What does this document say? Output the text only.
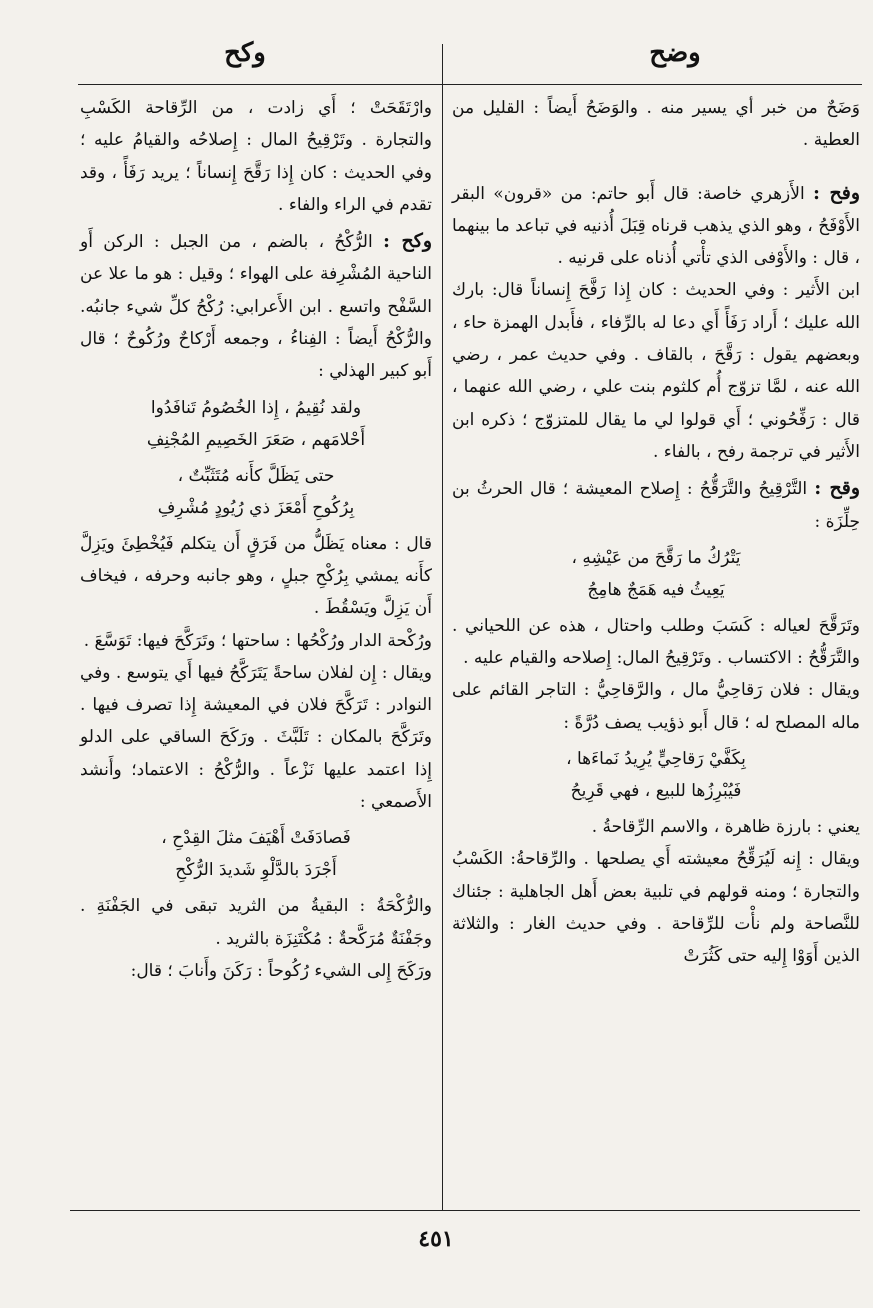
وضح
وكح

وَضَحٌ من خبر أي يسير منه . والوَضَحُ أَيضاً : القليل من العطية .

وفح : الأَزهري خاصة: قال أَبو حاتم: من «قرون» البقر الأَوْفَحُ ، وهو الذي يذهب قرناه قِبَلَ أُذنيه في تباعد ما بينهما ، قال : والأَوْفى الذي تأْتي أُذناه على قرنيه .

ابن الأَثير : وفي الحديث : كان إِذا رَفَّحَ إِنساناً قال: بارك الله عليك ؛ أَراد رَفَأً أَي دعا له بالرِّفاء ، فأَبدل الهمزة حاء ، وبعضهم يقول : رَقَّحَ ، بالقاف . وفي حديث عمر ، رضي الله عنه ، لمَّا تزوّج أُم كلثوم بنت علي ، رضي الله عنهما ، قال : رَفِّحُوني ؛ أَي قولوا لي ما يقال للمتزوّج ؛ ذكره ابن الأَثير في ترجمة رفح ، بالفاء .

وقح : التَّرْقِيحُ والتَّرَقُّحُ : إِصلاح المعيشة ؛ قال الحرثُ بن حِلِّزَة :

يَتْرُكُ ما رَقَّحَ من عَيْشِهِ ،
يَعِيثُ فيه هَمَجٌ هامِجُ

وتَرَقَّحَ لعياله : كَسَبَ وطلب واحتال ، هذه عن اللحياني . والتَّرَقُّحُ : الاكتساب . وتَرْقِيحُ المال: إِصلاحه والقيام عليه .

ويقال : فلان رَقاحِيُّ مال ، والرَّقاحِيُّ : التاجر القائم على ماله المصلح له ؛ قال أَبو ذؤيب يصف دُرَّةً :

بِكَفَّيْ رَقاحِيٍّ يُرِيدُ نَماءَها ،
فَيُبْرِزُها للبيع ، فهي قَرِيحُ

يعني : بارزة ظاهرة ، والاسم الرِّقاحةُ .

ويقال : إِنه لَيُرَقِّحُ معيشته أَي يصلحها . والرِّقاحةُ: الكَسْبُ والتجارة ؛ ومنه قولهم في تلبية بعض أَهل الجاهلية : جئناك للنَّصاحة ولم نأْت للرِّقاحة . وفي حديث الغار : والثلاثة الذين أَوَوْا إِليه حتى كَثُرَتْ

وارْتَقَحَتْ ؛ أَي زادت ، من الرِّقاحة الكَسْبِ والتجارة . وتَرْقِيحُ المال : إِصلاحُه والقيامُ عليه ؛ وفي الحديث : كان إِذا رَقَّحَ إِنساناً ؛ يريد رَفَأً ، وقد تقدم في الراء والفاء .

وكح : الرُّكْحُ ، بالضم ، من الجبل : الركن أَو الناحية المُشْرِفة على الهواء ؛ وقيل : هو ما علا عن السَّفْح واتسع . ابن الأَعرابي: رُكْحُ كلِّ شيء جانبُه. والرُّكْحُ أَيضاً : الفِناءُ ، وجمعه أَرْكاحٌ ورُكُوحٌ ؛ قال أَبو كبير الهذلي :

ولقد نُقِيمُ ، إِذا الخُصُومُ تَنافَدُوا
أَحْلامَهم ، صَعَرَ الخَصِيمِ المُجْنِفِ
حتى يَظَلَّ كأَنه مُتَثَبِّتٌ ،
بِرُكُوحِ أَمْعَزَ ذي رُيُودٍ مُشْرِفِ

قال : معناه يَظَلُّ من فَرَقٍ أَن يتكلم فَيُخْطِئَ ويَزِلَّ كأَنه يمشي بِرُكْحِ جبلٍ ، وهو جانبه وحرفه ، فيخاف أَن يَزِلَّ ويَسْقُطَ .

ورُكْحة الدار ورُكْحُها : ساحتها ؛ وتَرَكَّحَ فيها: تَوَسَّعَ .

ويقال : إِن لفلان ساحةً يَتَرَكَّحُ فيها أَي يتوسع . وفي النوادر : تَرَكَّحَ فلان في المعيشة إِذا تصرف فيها . وتَرَكَّحَ بالمكان : تَلَبَّثَ . ورَكَحَ الساقي على الدلو إِذا اعتمد عليها نَزْعاً . والرُّكْحُ : الاعتماد؛ وأَنشد الأَصمعي :

فَصادَفَتْ أَهْيَفَ مثلَ القِدْحِ ،
أَجْرَدَ بالدَّلْوِ شَديدَ الرُّكْحِ

والرُّكْحَةُ : البقيةُ من الثريد تبقى في الجَفْنَةِ . وجَفْنَةٌ مُرَكَّحةٌ : مُكْتَنِزَة بالثريد .

ورَكَحَ إِلى الشيء رُكُوحاً : رَكَنَ وأَنابَ ؛ قال:

٤٥١
